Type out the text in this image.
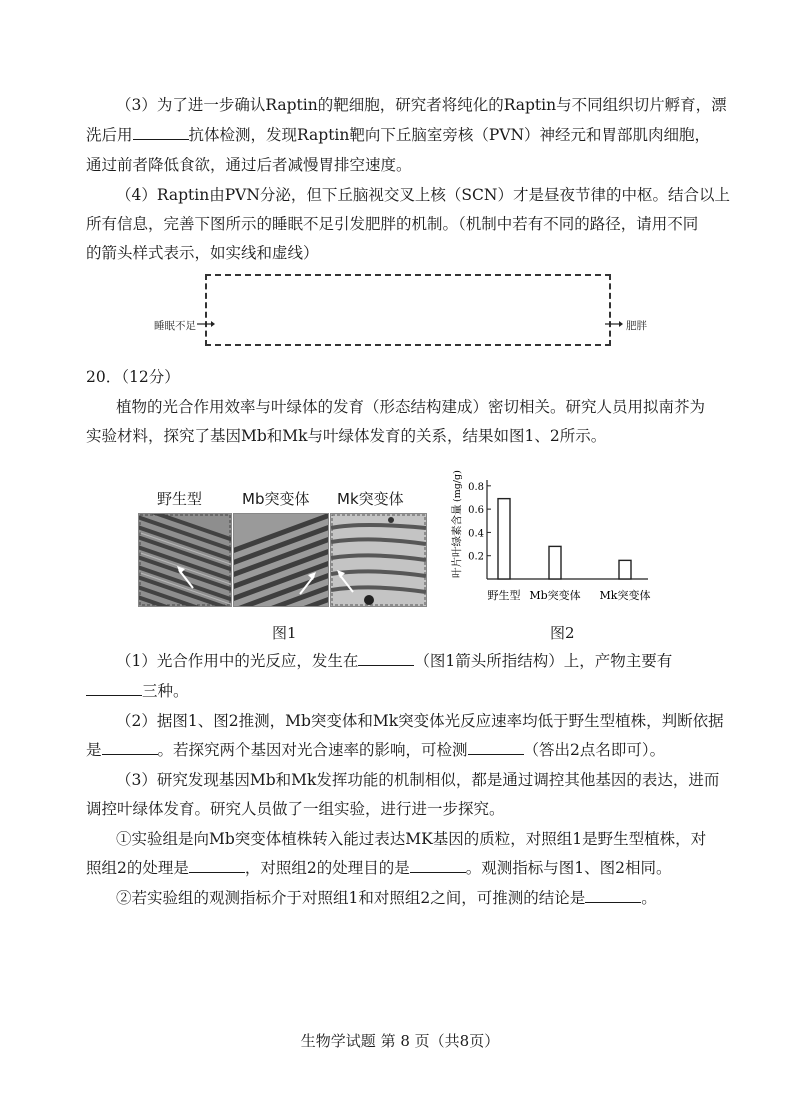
（3）为了进一步确认Raptin的靶细胞，研究者将纯化的Raptin与不同组织切片孵育，漂
洗后用	抗体检测，发现Raptin靶向下丘脑室旁核（PVN）神经元和胃部肌肉细胞，
通过前者降低食欲，通过后者减慢胃排空速度。
（4）Raptin由PVN分泌，但下丘脑视交叉上核（SCN）才是昼夜节律的中枢。结合以上
所有信息，完善下图所示的睡眠不足引发肥胖的机制。（机制中若有不同的路径，请用不同
的箭头样式表示，如实线和虚线）
睡眠不足	肥胖
20．（12分）
植物的光合作用效率与叶绿体的发育（形态结构建成）密切相关。研究人员用拟南芥为
实验材料，探究了基因Mb和Mk与叶绿体发育的关系，结果如图1、2所示。
野生型	Mb突变体 Mk突变体
图1
叶片叶绿素含量
(mg/g)
0.2
0.4
0.6
0.8
野生型 Mb突变体 Mk突变体
图2
（1）光合作用中的光反应，发生在	（图1箭头所指结构）上，产物主要有
三种。
（2）据图1、图2推测，Mb突变体和Mk突变体光反应速率均低于野生型植株，判断依据
是	。若探究两个基因对光合速率的影响，可检测	（答出2点名即可）。
（3）研究发现基因Mb和Mk发挥功能的机制相似，都是通过调控其他基因的表达，进而
调控叶绿体发育。研究人员做了一组实验，进行进一步探究。
①实验组是向Mb突变体植株转入能过表达MK基因的质粒，对照组1是野生型植株，对
照组2的处理是	，对照组2的处理目的是	。观测指标与图1、图2相同。
②若实验组的观测指标介于对照组1和对照组2之间，可推测的结论是	。
生物学试题 第 8 页（共8页）
